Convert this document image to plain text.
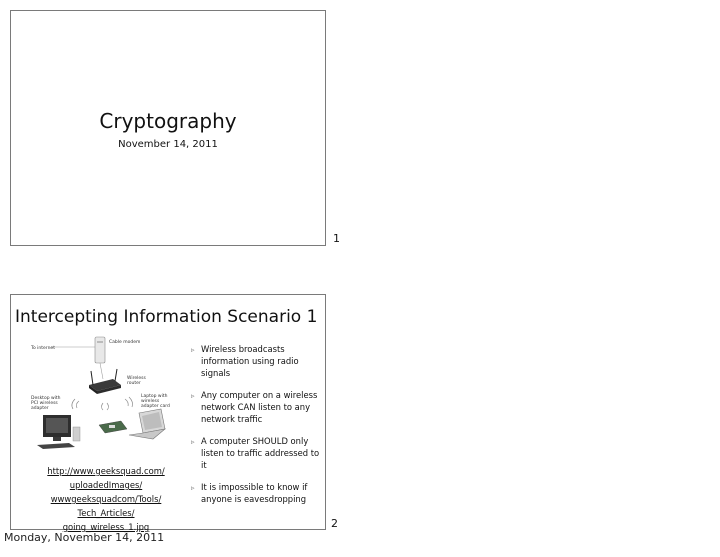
Cryptography
November 14, 2011
1
Intercepting Information Scenario 1
To internet
Cable modem
Wireless
router
Desktop with
PCI wireless
adapter
Laptop with
wireless
adapter card
http://www.geeksquad.com/
uploadedImages/
wwwgeeksquadcom/Tools/
Tech_Articles/
going_wireless_1.jpg
▹ Wireless broadcasts information using radio signals
▹ Any computer on a wireless network CAN listen to any network traffic
▹ A computer SHOULD only listen to traffic addressed to it
▹ It is impossible to know if anyone is eavesdropping
2
Monday, November 14, 2011
